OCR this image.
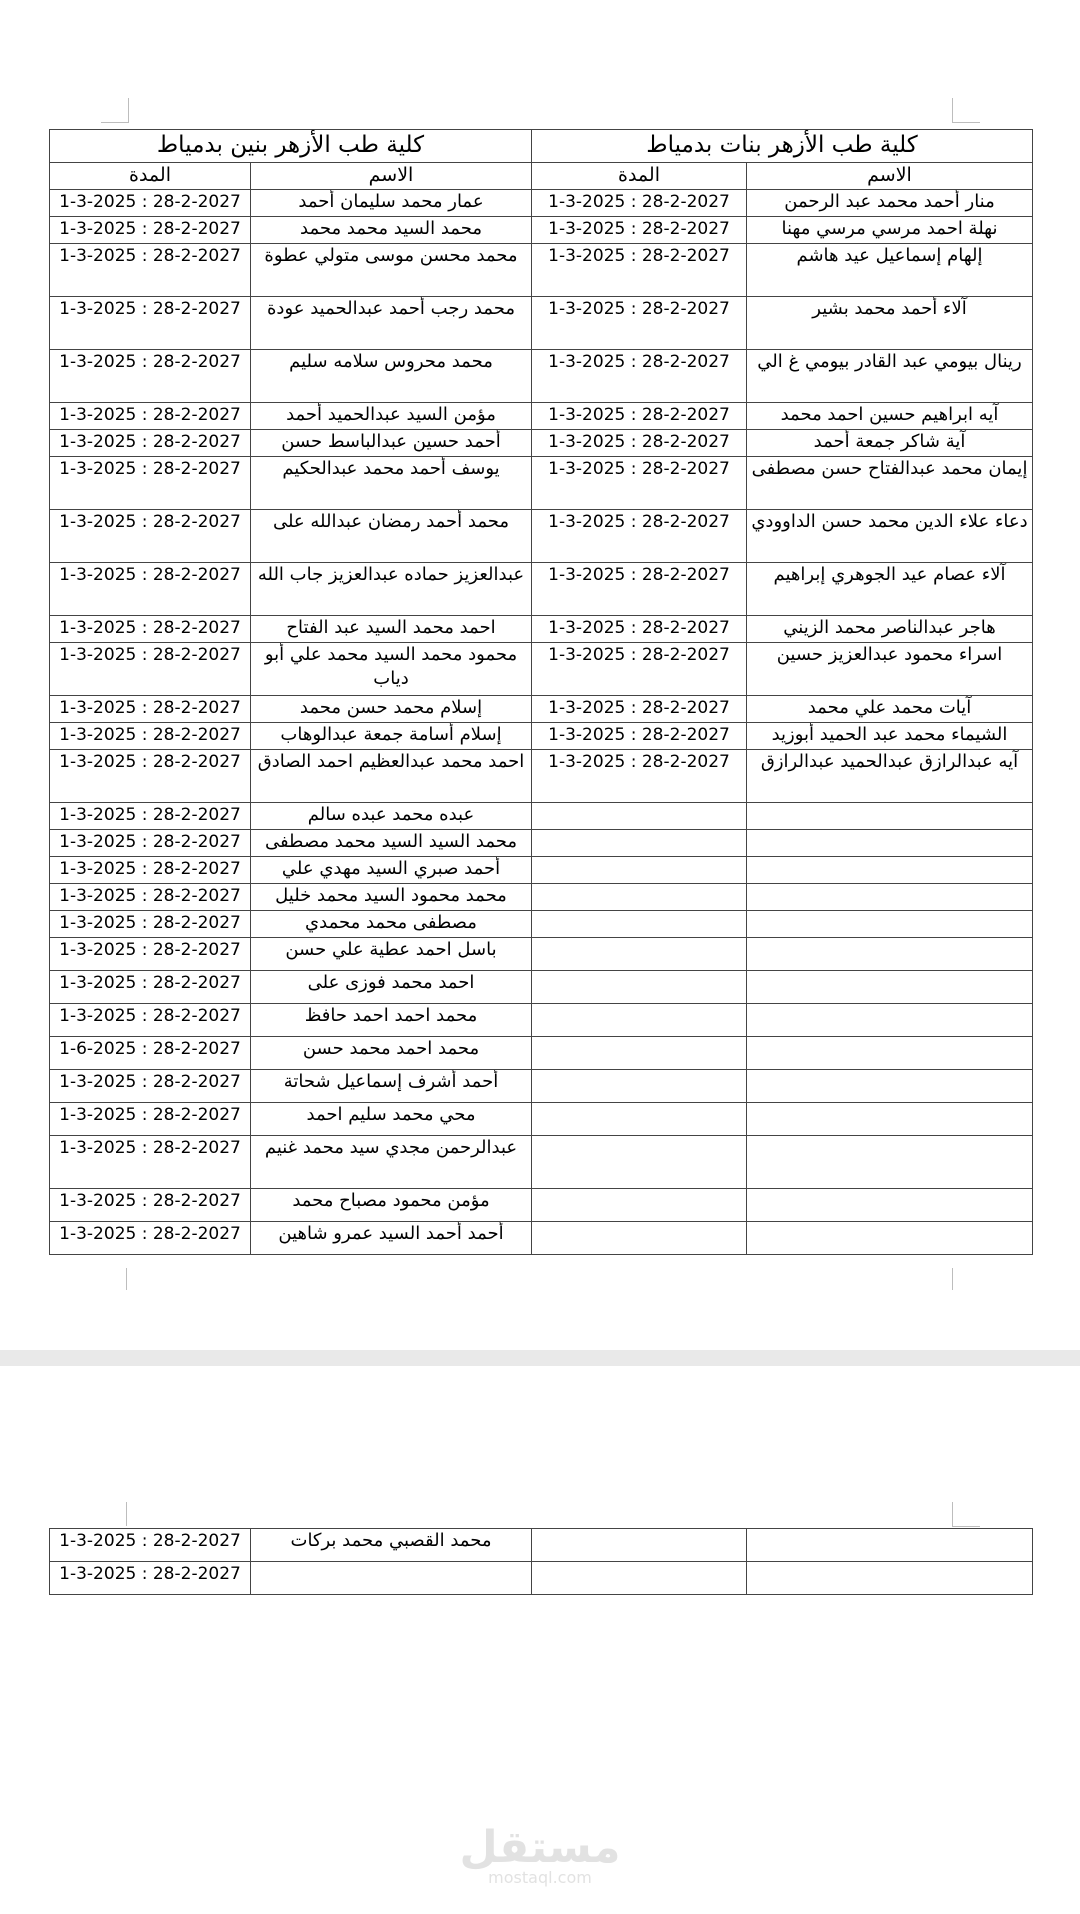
كلية طب الأزهر بنين بدمياط		كلية طب الأزهر بنات بدمياط	
المدة	الاسم	المدة	الاسم
1-3-2025 : 28-2-2027	عمار محمد سليمان أحمد	1-3-2025 : 28-2-2027	منار أحمد محمد عبد الرحمن
1-3-2025 : 28-2-2027	محمد السيد محمد محمد	1-3-2025 : 28-2-2027	نهلة احمد مرسي مرسي مهنا
1-3-2025 : 28-2-2027	محمد محسن موسى متولي عطوة	1-3-2025 : 28-2-2027	إلهام إسماعيل عيد هاشم
1-3-2025 : 28-2-2027	محمد رجب أحمد عبدالحميد عودة	1-3-2025 : 28-2-2027	آلاء أحمد محمد بشير
1-3-2025 : 28-2-2027	محمد محروس سلامه سليم	1-3-2025 : 28-2-2027	رينال بيومي عبد القادر بيومي غ الي
1-3-2025 : 28-2-2027	مؤمن السيد عبدالحميد أحمد	1-3-2025 : 28-2-2027	آيه ابراهيم حسين احمد محمد
1-3-2025 : 28-2-2027	أحمد حسين عبدالباسط حسن	1-3-2025 : 28-2-2027	آية شاكر جمعة أحمد
1-3-2025 : 28-2-2027	يوسف أحمد محمد عبدالحكيم	1-3-2025 : 28-2-2027	إيمان محمد عبدالفتاح حسن مصطفى
1-3-2025 : 28-2-2027	محمد أحمد رمضان عبدالله على	1-3-2025 : 28-2-2027	دعاء علاء الدين محمد حسن الداوودي
1-3-2025 : 28-2-2027	عبدالعزيز حماده عبدالعزيز جاب الله	1-3-2025 : 28-2-2027	آلاء عصام عيد الجوهري إبراهيم
1-3-2025 : 28-2-2027	احمد محمد السيد عبد الفتاح	1-3-2025 : 28-2-2027	هاجر عبدالناصر محمد الزيني
1-3-2025 : 28-2-2027	محمود محمد السيد محمد علي أبو دياب	1-3-2025 : 28-2-2027	اسراء محمود عبدالعزيز حسين
1-3-2025 : 28-2-2027	إسلام محمد حسن محمد	1-3-2025 : 28-2-2027	آيات محمد علي محمد
1-3-2025 : 28-2-2027	إسلام أسامة جمعة عبدالوهاب	1-3-2025 : 28-2-2027	الشيماء محمد عبد الحميد أبوزيد
1-3-2025 : 28-2-2027	احمد محمد عبدالعظيم احمد الصادق	1-3-2025 : 28-2-2027	آيه عبدالرازق عبدالحميد عبدالرازق
1-3-2025 : 28-2-2027	عبده محمد عبده سالم		
1-3-2025 : 28-2-2027	محمد السيد السيد محمد مصطفى		
1-3-2025 : 28-2-2027	أحمد صبري السيد مهدي علي		
1-3-2025 : 28-2-2027	محمد محمود السيد محمد خليل		
1-3-2025 : 28-2-2027	مصطفى محمد محمدي		
1-3-2025 : 28-2-2027	باسل احمد عطية علي حسن		
1-3-2025 : 28-2-2027	احمد محمد فوزى على		
1-3-2025 : 28-2-2027	محمد احمد احمد حافظ		
1-6-2025 : 28-2-2027	محمد احمد محمد حسن		
1-3-2025 : 28-2-2027	أحمد أشرف إسماعيل شحاتة		
1-3-2025 : 28-2-2027	محي محمد سليم احمد		
1-3-2025 : 28-2-2027	عبدالرحمن مجدي سيد محمد غنيم		
1-3-2025 : 28-2-2027	مؤمن محمود مصباح محمد		
1-3-2025 : 28-2-2027	أحمد أحمد السيد عمرو شاهين		
1-3-2025 : 28-2-2027	محمد القصبي محمد بركات		
1-3-2025 : 28-2-2027			
مستقل
mostaql.com
